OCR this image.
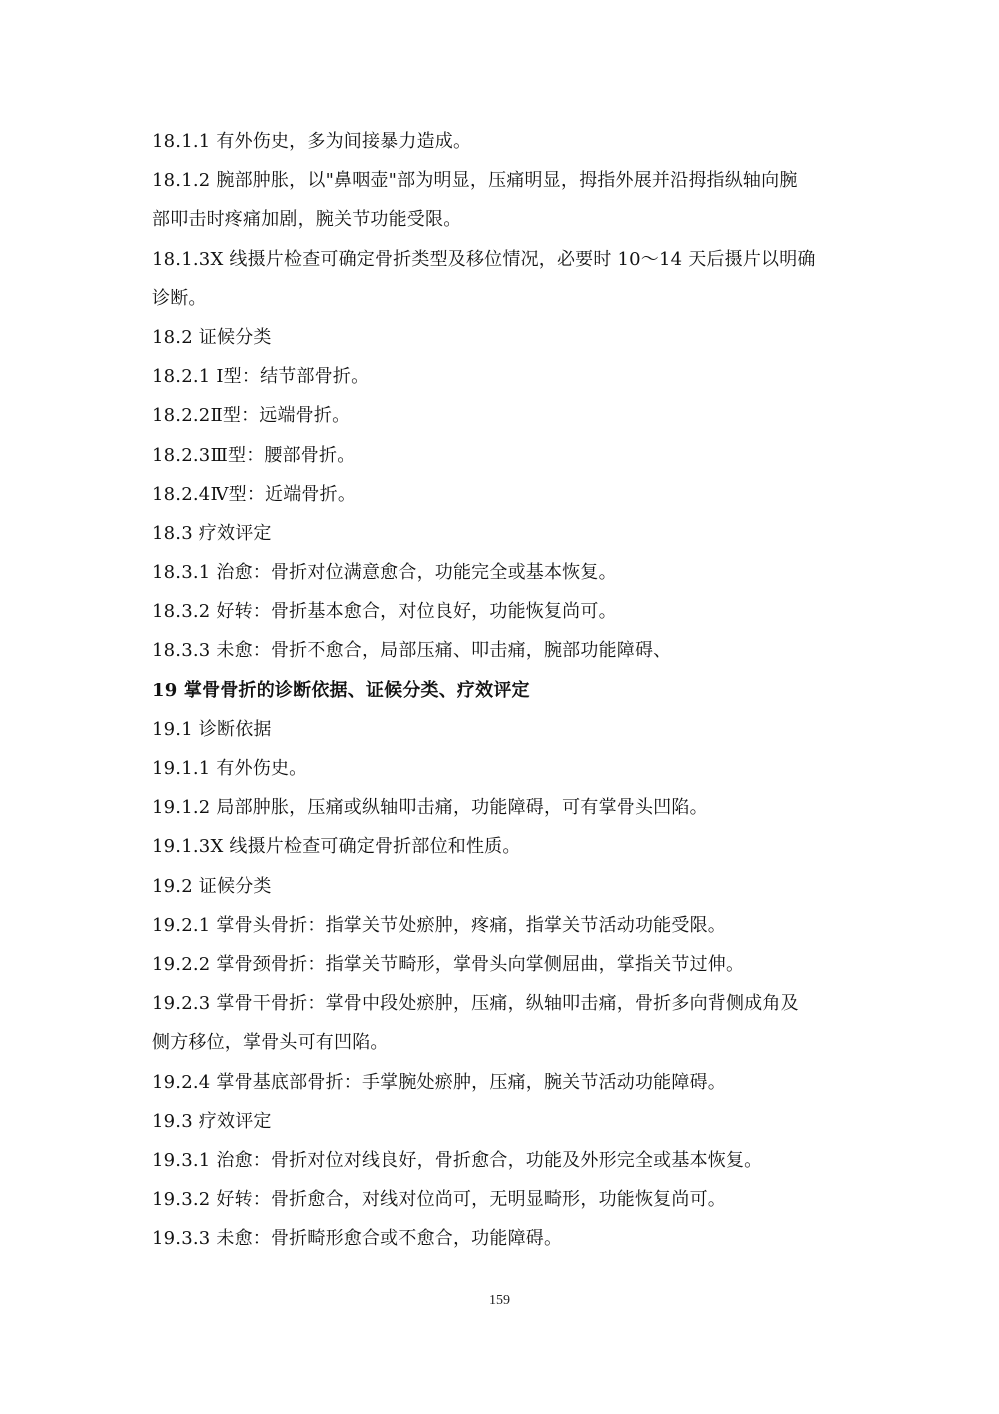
18.1.1 有外伤史，多为间接暴力造成。
18.1.2 腕部肿胀，以"鼻咽壶"部为明显，压痛明显，拇指外展并沿拇指纵轴向腕
部叩击时疼痛加剧，腕关节功能受限。
18.1.3X 线摄片检查可确定骨折类型及移位情况，必要时 10～14 天后摄片以明确
诊断。
18.2 证候分类
18.2.1 Ⅰ型：结节部骨折。
18.2.2Ⅱ型：远端骨折。
18.2.3Ⅲ型：腰部骨折。
18.2.4Ⅳ型：近端骨折。
18.3 疗效评定
18.3.1 治愈：骨折对位满意愈合，功能完全或基本恢复。
18.3.2 好转：骨折基本愈合，对位良好，功能恢复尚可。
18.3.3 未愈：骨折不愈合，局部压痛、叩击痛，腕部功能障碍、
19 掌骨骨折的诊断依据、证候分类、疗效评定
19.1 诊断依据
19.1.1 有外伤史。
19.1.2 局部肿胀，压痛或纵轴叩击痛，功能障碍，可有掌骨头凹陷。
19.1.3X 线摄片检查可确定骨折部位和性质。
19.2 证候分类
19.2.1 掌骨头骨折：指掌关节处瘀肿，疼痛，指掌关节活动功能受限。
19.2.2 掌骨颈骨折：指掌关节畸形，掌骨头向掌侧屈曲，掌指关节过伸。
19.2.3 掌骨干骨折：掌骨中段处瘀肿，压痛，纵轴叩击痛，骨折多向背侧成角及
侧方移位，掌骨头可有凹陷。
19.2.4 掌骨基底部骨折：手掌腕处瘀肿，压痛，腕关节活动功能障碍。
19.3 疗效评定
19.3.1 治愈：骨折对位对线良好，骨折愈合，功能及外形完全或基本恢复。
19.3.2 好转：骨折愈合，对线对位尚可，无明显畸形，功能恢复尚可。
19.3.3 未愈：骨折畸形愈合或不愈合，功能障碍。
159
